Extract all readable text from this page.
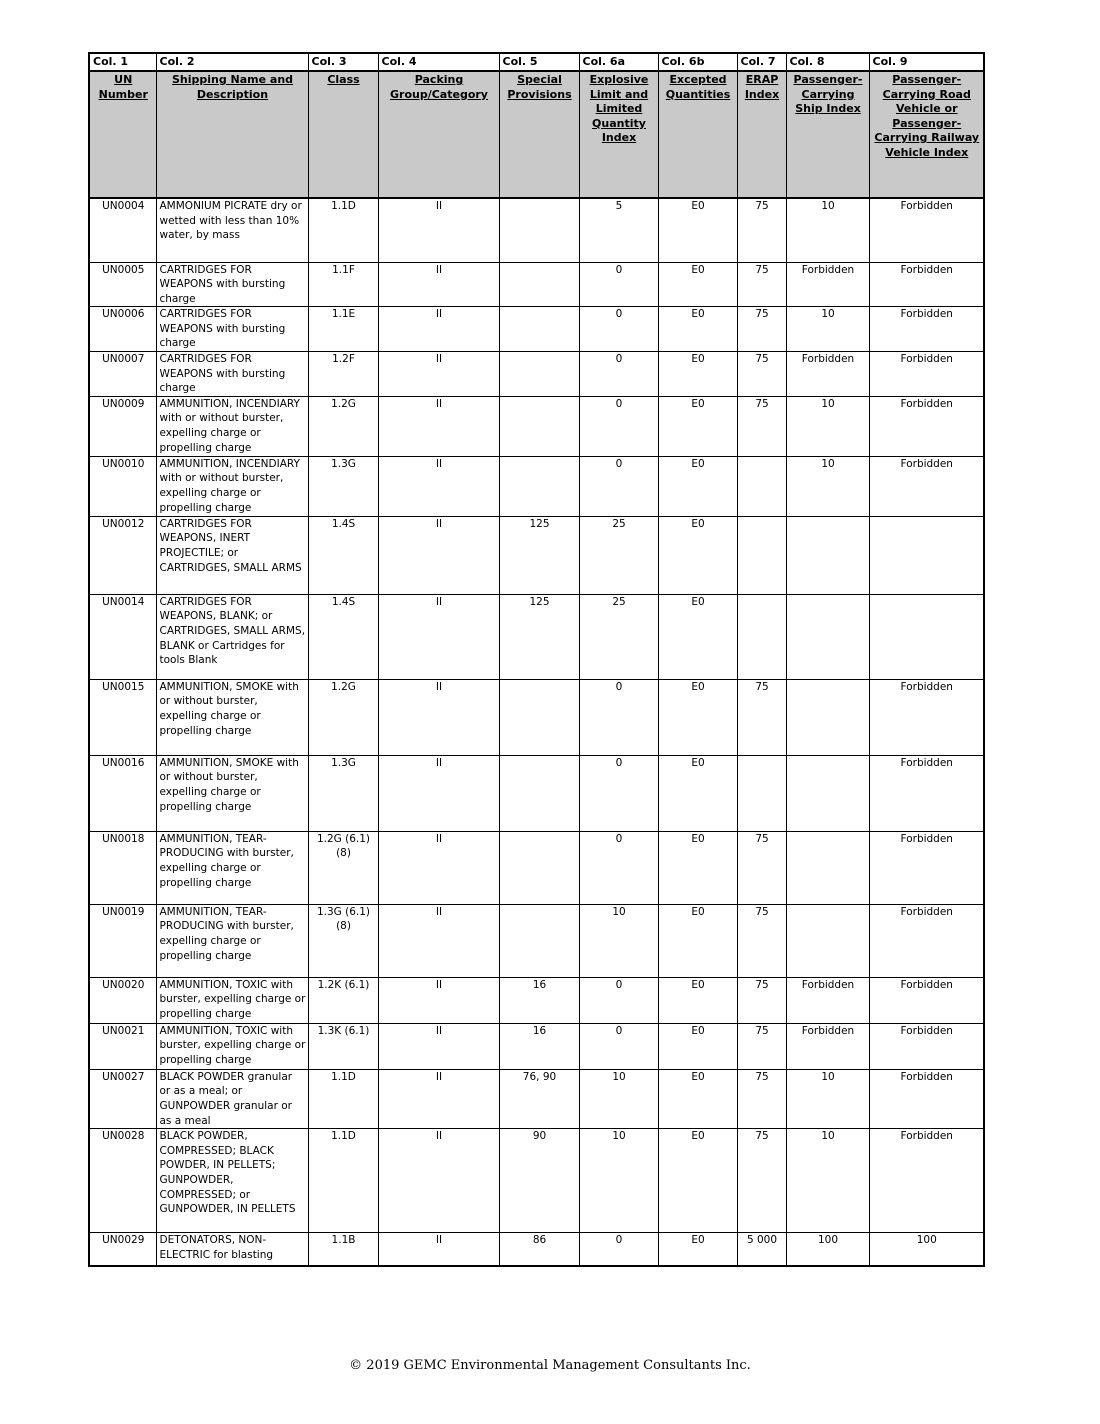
Col. 1	Col. 2	Col. 3	Col. 4	Col. 5	Col. 6a	Col. 6b	Col. 7	Col. 8	Col. 9
UN Number	Shipping Name and Description	Class	Packing Group/Category	Special Provisions	Explosive Limit and Limited Quantity Index	Excepted Quantities	ERAP Index	Passenger-Carrying Ship Index	Passenger-Carrying Road Vehicle or Passenger-Carrying Railway Vehicle Index
UN0004	AMMONIUM PICRATE dry or wetted with less than 10% water, by mass	1.1D	II		5	E0	75	10	Forbidden
UN0005	CARTRIDGES FOR WEAPONS with bursting charge	1.1F	II		0	E0	75	Forbidden	Forbidden
UN0006	CARTRIDGES FOR WEAPONS with bursting charge	1.1E	II		0	E0	75	10	Forbidden
UN0007	CARTRIDGES FOR WEAPONS with bursting charge	1.2F	II		0	E0	75	Forbidden	Forbidden
UN0009	AMMUNITION, INCENDIARY with or without burster, expelling charge or propelling charge	1.2G	II		0	E0	75	10	Forbidden
UN0010	AMMUNITION, INCENDIARY with or without burster, expelling charge or propelling charge	1.3G	II		0	E0		10	Forbidden
UN0012	CARTRIDGES FOR WEAPONS, INERT PROJECTILE; or CARTRIDGES, SMALL ARMS	1.4S	II	125	25	E0			
UN0014	CARTRIDGES FOR WEAPONS, BLANK; or CARTRIDGES, SMALL ARMS, BLANK or Cartridges for tools Blank	1.4S	II	125	25	E0			
UN0015	AMMUNITION, SMOKE with or without burster, expelling charge or propelling charge	1.2G	II		0	E0	75		Forbidden
UN0016	AMMUNITION, SMOKE with or without burster, expelling charge or propelling charge	1.3G	II		0	E0			Forbidden
UN0018	AMMUNITION, TEAR-PRODUCING with burster, expelling charge or propelling charge	1.2G (6.1) (8)	II		0	E0	75		Forbidden
UN0019	AMMUNITION, TEAR-PRODUCING with burster, expelling charge or propelling charge	1.3G (6.1) (8)	II		10	E0	75		Forbidden
UN0020	AMMUNITION, TOXIC with burster, expelling charge or propelling charge	1.2K (6.1)	II	16	0	E0	75	Forbidden	Forbidden
UN0021	AMMUNITION, TOXIC with burster, expelling charge or propelling charge	1.3K (6.1)	II	16	0	E0	75	Forbidden	Forbidden
UN0027	BLACK POWDER granular or as a meal; or GUNPOWDER granular or as a meal	1.1D	II	76, 90	10	E0	75	10	Forbidden
UN0028	BLACK POWDER, COMPRESSED; BLACK POWDER, IN PELLETS; GUNPOWDER, COMPRESSED; or GUNPOWDER, IN PELLETS	1.1D	II	90	10	E0	75	10	Forbidden
UN0029	DETONATORS, NON-ELECTRIC for blasting	1.1B	II	86	0	E0	5 000	100	100
© 2019 GEMC Environmental Management Consultants Inc.
